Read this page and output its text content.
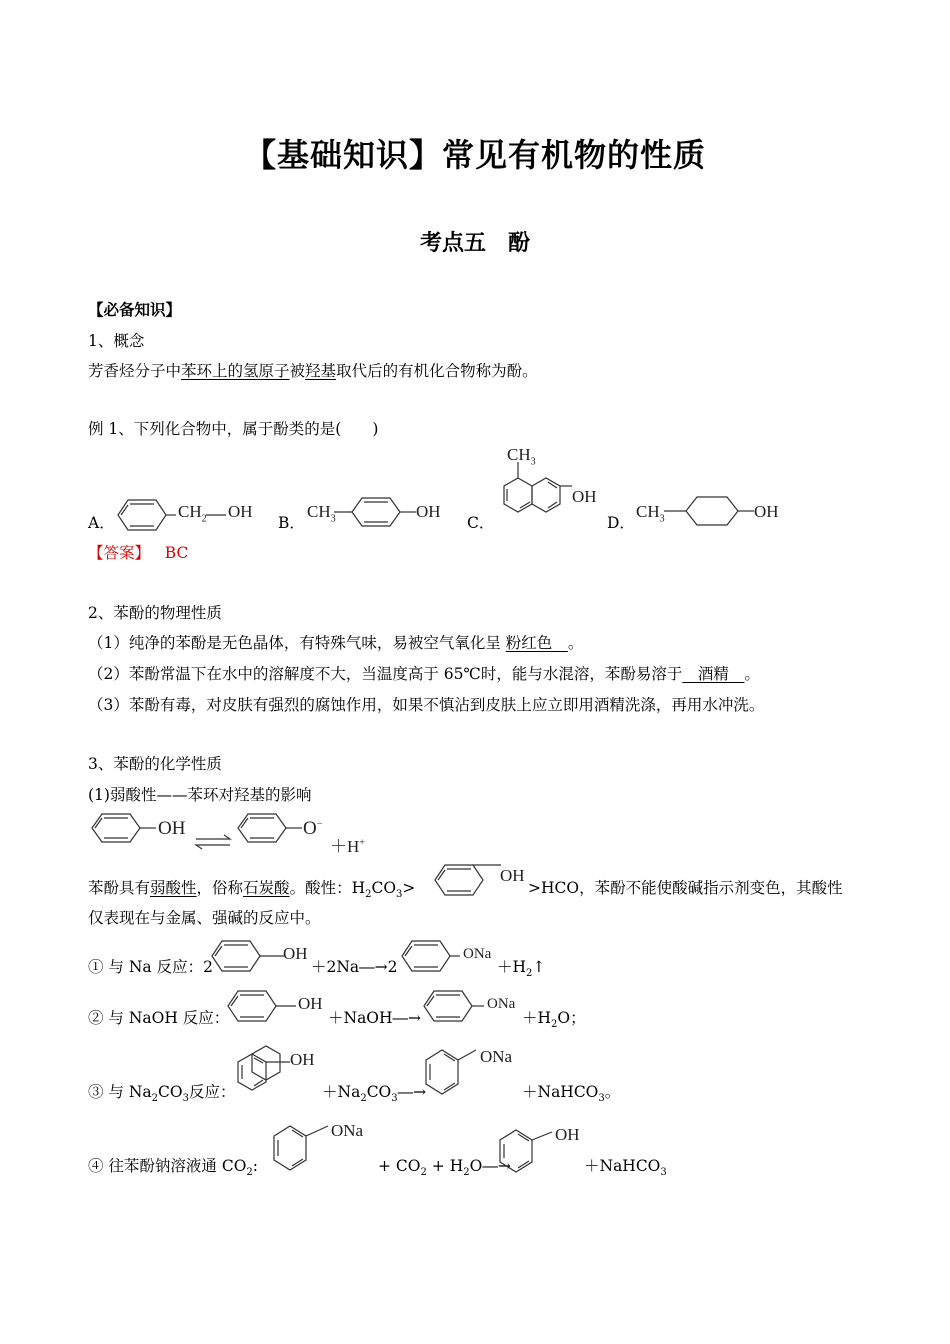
【基础知识】常见有机物的性质
考点五　酚
【必备知识】
1、概念
芳香烃分子中苯环上的氢原子被羟基取代后的有机化合物称为酚。
例 1、下列化合物中，属于酚类的是(　　)
A．
$CH_2$ OH
B．
$CH_3$	OH
C．
$CH_3$
OH
D．
$CH_3$	OH
【答案】 BC
2、苯酚的物理性质
（1）纯净的苯酚是无色晶体，有特殊气味，易被空气氧化呈 粉红色　。
（2）苯酚常温下在水中的溶解度不大，当温度高于 65℃时，能与水混溶，苯酚易溶于　酒精　。
（3）苯酚有毒，对皮肤有强烈的腐蚀作用，如果不慎沾到皮肤上应立即用酒精洗涤，再用水冲洗。
3、苯酚的化学性质
(1)弱酸性——苯环对羟基的影响
OH	O−
＋H+
苯酚具有弱酸性，俗称石炭酸。酸性：$H_2CO_3>$
OH
>HCO，苯酚不能使酸碱指示剂变色，其酸性
仅表现在与金属、强碱的反应中。
① 与 Na 反应：2
OH
＋2Na―→2
ONa
$+H_2↑$
② 与 NaOH 反应：
OH
＋NaOH―→
ONa
$+H_2O$；
③ 与 $Na_2CO_3$反应：
OH
$+Na_2CO_3―\to$
ONa
＋NaHCO$_3$。
④ 往苯酚钠溶液通 $CO_2$:
ONa
+ $CO_2$ + $H_2O―\to$
OH
＋NaHCO$_3$
